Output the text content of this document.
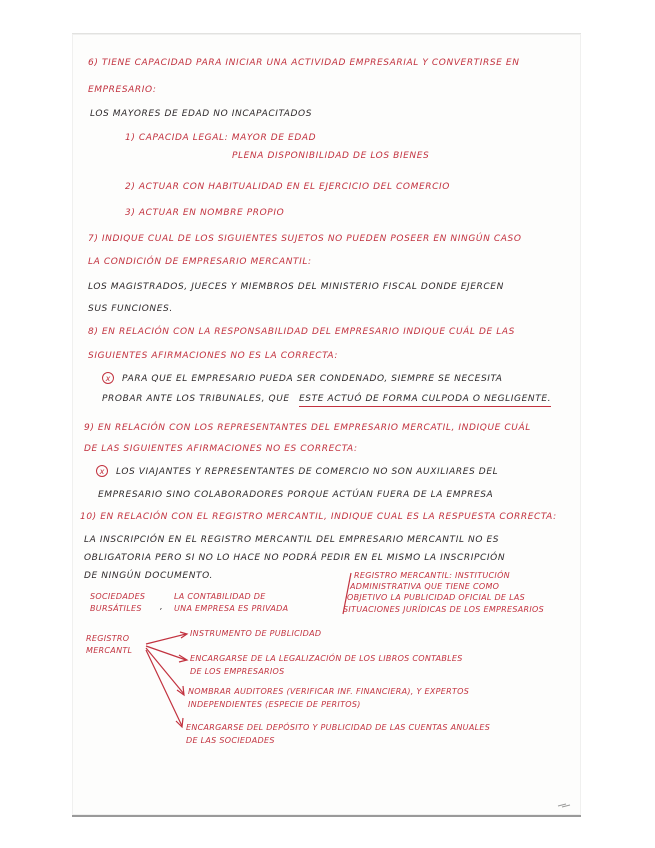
6) TIENE CAPACIDAD PARA INICIAR UNA ACTIVIDAD EMPRESARIAL Y CONVERTIRSE EN

EMPRESARIO:

LOS MAYORES DE EDAD NO INCAPACITADOS

1) CAPACIDA LEGAL: MAYOR DE EDAD

PLENA DISPONIBILIDAD DE LOS BIENES

2) ACTUAR CON HABITUALIDAD EN EL EJERCICIO DEL COMERCIO

3) ACTUAR EN NOMBRE PROPIO

7) INDIQUE CUAL DE LOS SIGUIENTES SUJETOS NO PUEDEN POSEER EN NINGÚN CASO

LA CONDICIÓN DE EMPRESARIO MERCANTIL:

LOS MAGISTRADOS, JUECES Y MIEMBROS DEL MINISTERIO FISCAL DONDE EJERCEN

SUS FUNCIONES.

8) EN RELACIÓN CON LA RESPONSABILIDAD DEL EMPRESARIO INDIQUE CUÁL DE LAS

SIGUIENTES AFIRMACIONES NO ES LA CORRECTA:

x	PARA QUE EL EMPRESARIO PUEDA SER CONDENADO, SIEMPRE SE NECESITA

PROBAR ANTE LOS TRIBUNALES, QUE ESTE ACTUÓ DE FORMA CULPODA O NEGLIGENTE.

9) EN RELACIÓN CON LOS REPRESENTANTES DEL EMPRESARIO MERCATIL, INDIQUE CUÁL

DE LAS SIGUIENTES AFIRMACIONES NO ES CORRECTA:

x	LOS VIAJANTES Y REPRESENTANTES DE COMERCIO NO SON AUXILIARES DEL

EMPRESARIO SINO COLABORADORES PORQUE ACTÚAN FUERA DE LA EMPRESA

10) EN RELACIÓN CON EL REGISTRO MERCANTIL, INDIQUE CUAL ES LA RESPUESTA CORRECTA:

LA INSCRIPCIÓN EN EL REGISTRO MERCANTIL DEL EMPRESARIO MERCANTIL NO ES

OBLIGATORIA PERO SI NO LO HACE NO PODRÁ PEDIR EN EL MISMO LA INSCRIPCIÓN

DE NINGÚN DOCUMENTO.

SOCIEDADES

BURSÁTILES ,

LA CONTABILIDAD DE

UNA EMPRESA ES PRIVADA

REGISTRO MERCANTIL: INSTITUCIÓN

ADMINISTRATIVA QUE TIENE COMO

OBJETIVO LA PUBLICIDAD OFICIAL DE LAS

SITUACIONES JURÍDICAS DE LOS EMPRESARIOS

REGISTRO

MERCANTL

INSTRUMENTO DE PUBLICIDAD

ENCARGARSE DE LA LEGALIZACIÓN DE LOS LIBROS CONTABLES

DE LOS EMPRESARIOS

NOMBRAR AUDITORES (VERIFICAR INF. FINANCIERA), Y EXPERTOS

INDEPENDIENTES (ESPECIE DE PERITOS)

ENCARGARSE DEL DEPÓSITO Y PUBLICIDAD DE LAS CUENTAS ANUALES

DE LAS SOCIEDADES
